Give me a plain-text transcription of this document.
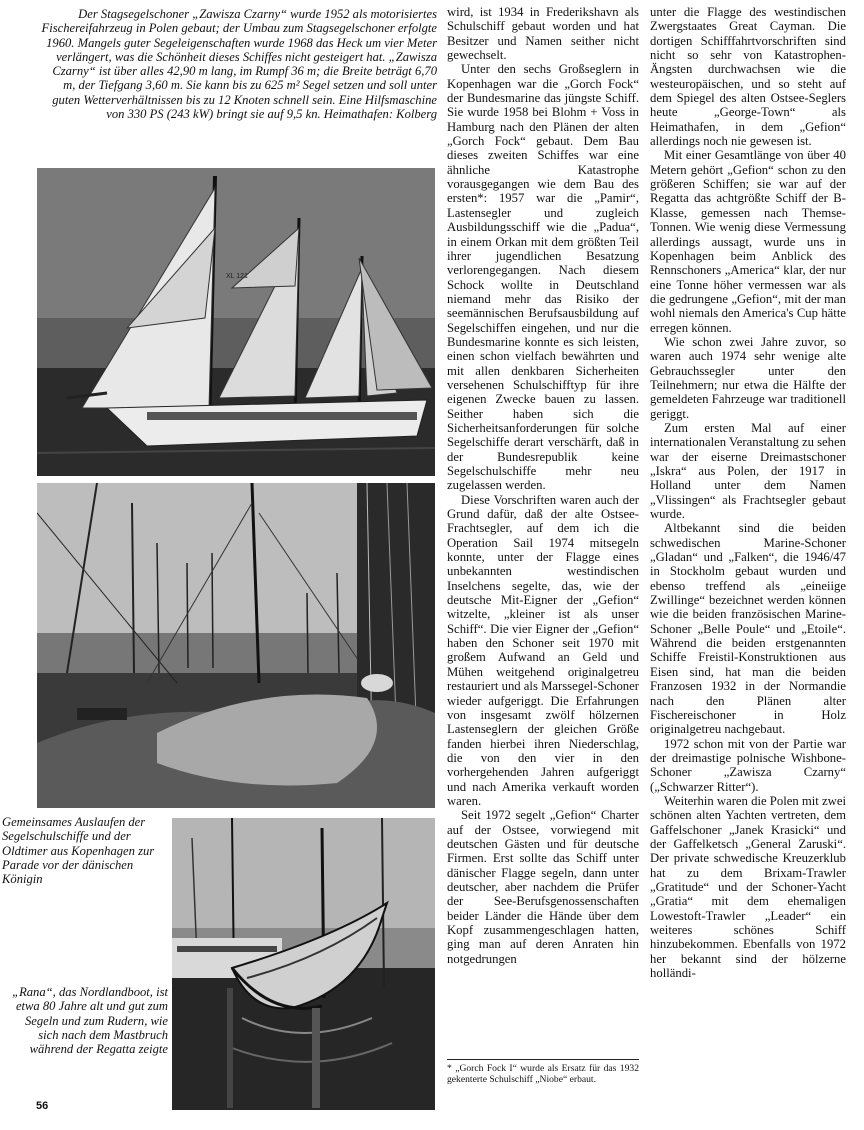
Der Stagsegelschoner „Zawisza Czarny“ wurde 1952 als motorisiertes Fischereifahrzeug in Polen gebaut; der Umbau zum Stagsegelschoner erfolgte 1960. Mangels guter Segeleigenschaften wurde 1968 das Heck um vier Meter verlängert, was die Schönheit dieses Schiffes nicht gesteigert hat. „Zawisza Czarny“ ist über alles 42,90 m lang, im Rumpf 36 m; die Breite beträgt 6,70 m, der Tiefgang 3,60 m. Sie kann bis zu 625 m² Segel setzen und soll unter guten Wetterverhältnissen bis zu 12 Knoten schnell sein. Eine Hilfsmaschine von 330 PS (243 kW) bringt sie auf 9,5 kn. Heimathafen: Kolberg
XL 121
Gemeinsames Auslaufen der Segelschulschiffe und der Oldtimer aus Kopenhagen zur Parade vor der dänischen Königin
„Rana“, das Nordlandboot, ist etwa 80 Jahre alt und gut zum Segeln und zum Rudern, wie sich nach dem Mastbruch während der Regatta zeigte
56

wird, ist 1934 in Frederikshavn als Schulschiff gebaut worden und hat Besitzer und Namen seither nicht gewechselt.

Unter den sechs Großseglern in Kopenhagen war die „Gorch Fock“ der Bundesmarine das jüngste Schiff. Sie wurde 1958 bei Blohm + Voss in Hamburg nach den Plänen der alten „Gorch Fock“ gebaut. Dem Bau dieses zweiten Schiffes war eine ähnliche Katastrophe vorausgegangen wie dem Bau des ersten*: 1957 war die „Pamir“, Lastensegler und zugleich Ausbildungsschiff wie die „Padua“, in einem Orkan mit dem größten Teil ihrer jugendlichen Besatzung verlorengegangen. Nach diesem Schock wollte in Deutschland niemand mehr das Risiko der seemännischen Berufsausbildung auf Segelschiffen eingehen, und nur die Bundesmarine konnte es sich leisten, einen schon vielfach bewährten und mit allen denkbaren Sicherheiten versehenen Schulschifftyp für ihre eigenen Zwecke bauen zu lassen. Seither haben sich die Sicherheitsanforderungen für solche Segelschiffe derart verschärft, daß in der Bundesrepublik keine Segelschulschiffe mehr neu zugelassen werden.

Diese Vorschriften waren auch der Grund dafür, daß der alte Ostsee-Frachtsegler, auf dem ich die Operation Sail 1974 mitsegeln konnte, unter der Flagge eines unbekannten westindischen Inselchens segelte, das, wie der deutsche Mit-Eigner der „Gefion“ witzelte, „kleiner ist als unser Schiff“. Die vier Eigner der „Gefion“ haben den Schoner seit 1970 mit großem Aufwand an Geld und Mühen weitgehend originalgetreu restauriert und als Marssegel-Schoner wieder aufgeriggt. Die Erfahrungen von insgesamt zwölf hölzernen Lastenseglern der gleichen Größe fanden hierbei ihren Niederschlag, die von den vier in den vorhergehenden Jahren aufgeriggt und nach Amerika verkauft worden waren.

Seit 1972 segelt „Gefion“ Charter auf der Ostsee, vorwiegend mit deutschen Gästen und für deutsche Firmen. Erst sollte das Schiff unter dänischer Flagge segeln, dann unter deutscher, aber nachdem die Prüfer der See-Berufsgenossenschaften beider Länder die Hände über dem Kopf zusammengeschlagen hatten, ging man auf deren Anraten hin notgedrungen

* „Gorch Fock I“ wurde als Ersatz für das 1932 gekenterte Schulschiff „Niobe“ erbaut.

unter die Flagge des westindischen Zwergstaates Great Cayman. Die dortigen Schifffahrtvorschriften sind nicht so sehr von Katastrophen-Ängsten durchwachsen wie die westeuropäischen, und so steht auf dem Spiegel des alten Ostsee-Seglers heute „George-Town“ als Heimathafen, in dem „Gefion“ allerdings noch nie gewesen ist.

Mit einer Gesamtlänge von über 40 Metern gehört „Gefion“ schon zu den größeren Schiffen; sie war auf der Regatta das achtgrößte Schiff der B-Klasse, gemessen nach Themse-Tonnen. Wie wenig diese Vermessung allerdings aussagt, wurde uns in Kopenhagen beim Anblick des Rennschoners „America“ klar, der nur eine Tonne höher vermessen war als die gedrungene „Gefion“, mit der man wohl niemals den America's Cup hätte erregen können.

Wie schon zwei Jahre zuvor, so waren auch 1974 sehr wenige alte Gebrauchssegler unter den Teilnehmern; nur etwa die Hälfte der gemeldeten Fahrzeuge war traditionell geriggt.

Zum ersten Mal auf einer internationalen Veranstaltung zu sehen war der eiserne Dreimastschoner „Iskra“ aus Polen, der 1917 in Holland unter dem Namen „Vlissingen“ als Frachtsegler gebaut wurde.

Altbekannt sind die beiden schwedischen Marine-Schoner „Gladan“ und „Falken“, die 1946/47 in Stockholm gebaut wurden und ebenso treffend als „eineiige Zwillinge“ bezeichnet werden können wie die beiden französischen Marine-Schoner „Belle Poule“ und „Etoile“. Während die beiden erstgenannten Schiffe Freistil-Konstruktionen aus Eisen sind, hat man die beiden Franzosen 1932 in der Normandie nach den Plänen alter Fischereischoner in Holz originalgetreu nachgebaut.

1972 schon mit von der Partie war der dreimastige polnische Wishbone-Schoner „Zawisza Czarny“ („Schwarzer Ritter“).

Weiterhin waren die Polen mit zwei schönen alten Yachten vertreten, dem Gaffelschoner „Janek Krasicki“ und der Gaffelketsch „General Zaruski“. Der private schwedische Kreuzerklub hat zu dem Brixam-Trawler „Gratitude“ und der Schoner-Yacht „Gratia“ mit dem ehemaligen Lowestoft-Trawler „Leader“ ein weiteres schönes Schiff hinzubekommen. Ebenfalls von 1972 her bekannt sind der hölzerne holländi-
